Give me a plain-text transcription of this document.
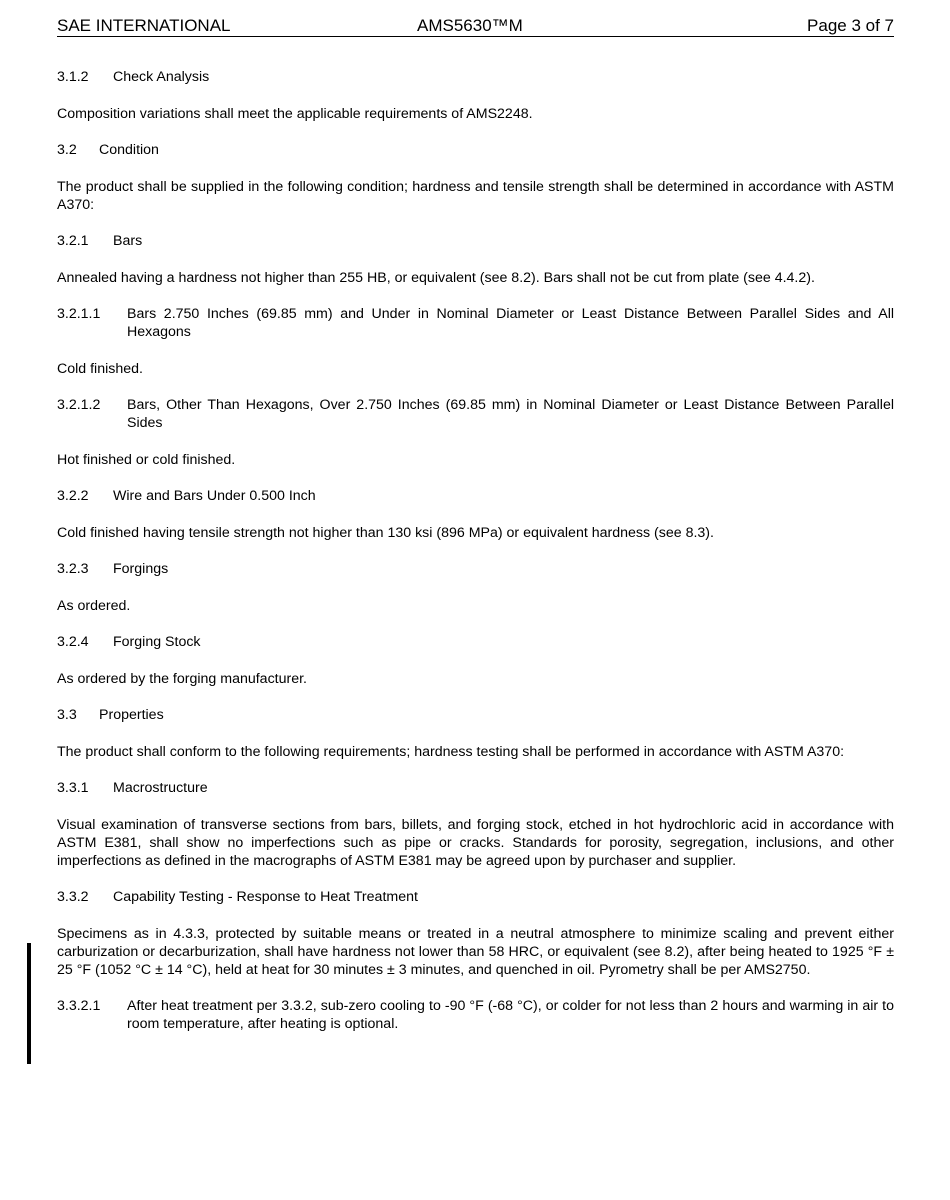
SAE INTERNATIONAL	AMS5630™M	Page 3 of 7
3.1.2 Check Analysis
Composition variations shall meet the applicable requirements of AMS2248.
3.2 Condition
The product shall be supplied in the following condition; hardness and tensile strength shall be determined in accordance with ASTM A370:
3.2.1 Bars
Annealed having a hardness not higher than 255 HB, or equivalent (see 8.2). Bars shall not be cut from plate (see 4.4.2).
3.2.1.1	Bars 2.750 Inches (69.85 mm) and Under in Nominal Diameter or Least Distance Between Parallel Sides and All Hexagons
Cold finished.
3.2.1.2	Bars, Other Than Hexagons, Over 2.750 Inches (69.85 mm) in Nominal Diameter or Least Distance Between Parallel Sides
Hot finished or cold finished.
3.2.2 Wire and Bars Under 0.500 Inch
Cold finished having tensile strength not higher than 130 ksi (896 MPa) or equivalent hardness (see 8.3).
3.2.3 Forgings
As ordered.
3.2.4 Forging Stock
As ordered by the forging manufacturer.
3.3 Properties
The product shall conform to the following requirements; hardness testing shall be performed in accordance with ASTM A370:
3.3.1 Macrostructure
Visual examination of transverse sections from bars, billets, and forging stock, etched in hot hydrochloric acid in accordance with ASTM E381, shall show no imperfections such as pipe or cracks. Standards for porosity, segregation, inclusions, and other imperfections as defined in the macrographs of ASTM E381 may be agreed upon by purchaser and supplier.
3.3.2 Capability Testing - Response to Heat Treatment
Specimens as in 4.3.3, protected by suitable means or treated in a neutral atmosphere to minimize scaling and prevent either carburization or decarburization, shall have hardness not lower than 58 HRC, or equivalent (see 8.2), after being heated to 1925 °F ± 25 °F (1052 °C ± 14 °C), held at heat for 30 minutes ± 3 minutes, and quenched in oil. Pyrometry shall be per AMS2750.
3.3.2.1	After heat treatment per 3.3.2, sub-zero cooling to -90 °F (-68 °C), or colder for not less than 2 hours and warming in air to room temperature, after heating is optional.
